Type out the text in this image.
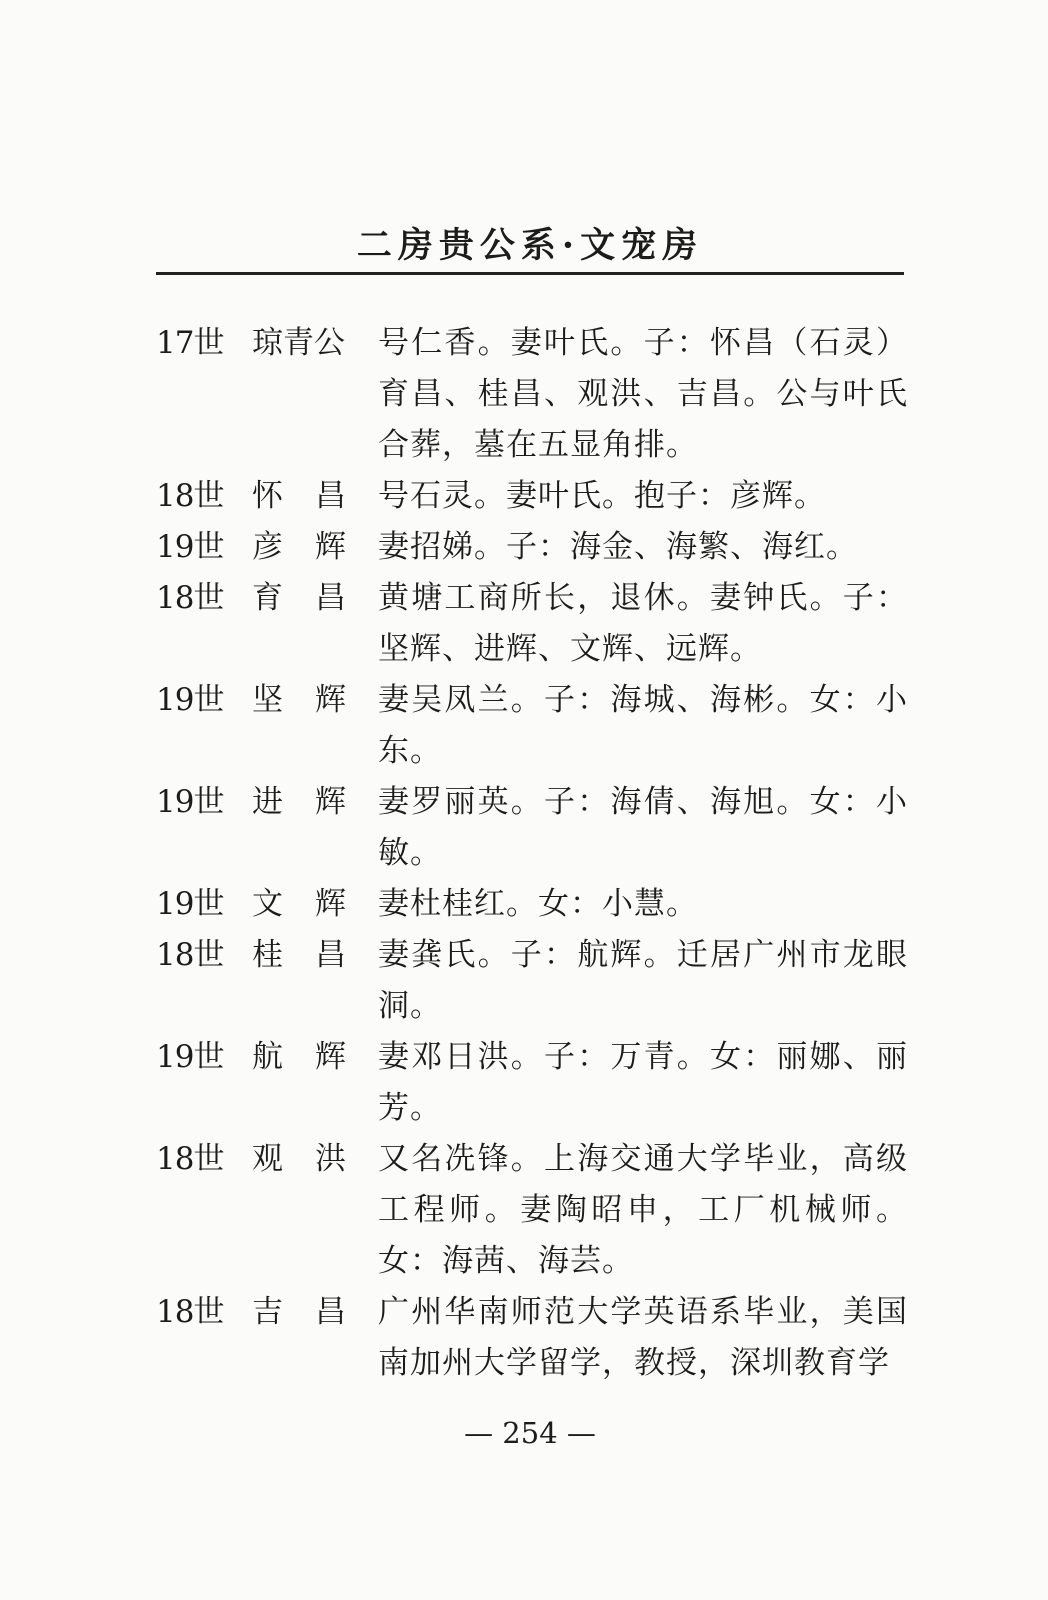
二房贵公系·文宠房
17世 琼青公	号仁香。妻叶氏。子：怀昌（石灵）育昌、桂昌、观洪、吉昌。公与叶氏合葬，墓在五显角排。
18世 怀 昌 号石灵。妻叶氏。抱子：彦辉。
19世 彦 辉 妻招娣。子：海金、海繁、海红。
18世 育 昌 黄塘工商所长，退休。妻钟氏。子：坚辉、进辉、文辉、远辉。
19世 坚 辉 妻吴凤兰。子：海城、海彬。女：小东。
19世 进 辉 妻罗丽英。子：海倩、海旭。女：小敏。
19世 文 辉 妻杜桂红。女：小慧。
18世 桂 昌 妻龚氏。子：航辉。迁居广州市龙眼洞。
19世 航 辉 妻邓日洪。子：万青。女：丽娜、丽芳。
18世 观 洪 又名冼锋。上海交通大学毕业，高级工程师。妻陶昭申，工厂机械师。女：海茜、海芸。
18世 吉 昌 广州华南师范大学英语系毕业，美国南加州大学留学，教授，深圳教育学
— 254 —
